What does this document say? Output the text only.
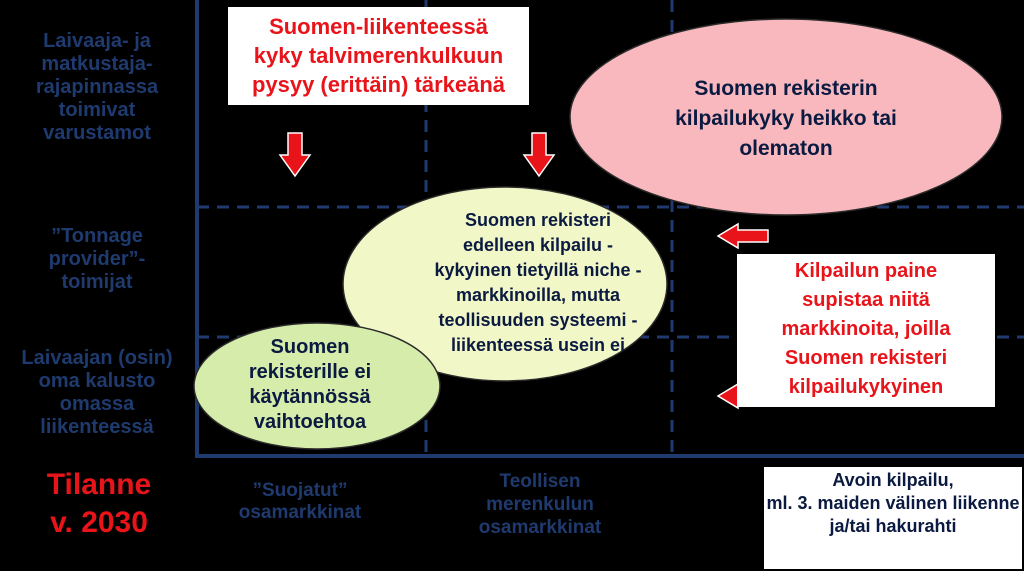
Laivaaja- ja
matkustaja-
rajapinnassa
toimivat
varustamot
”Tonnage
provider”-
toimijat
Laivaajan (osin)
oma kalusto
omassa
liikenteessä
Tilanne
v. 2030
”Suojatut”
osamarkkinat
Teollisen
merenkulun
osamarkkinat
Avoin kilpailu,
ml. 3. maiden välinen liikenne
ja/tai hakurahti
Suomen-liikenteessä
kyky talvimerenkulkuun
pysyy (erittäin) tärkeänä
Kilpailun paine
supistaa niitä
markkinoita, joilla
Suomen rekisteri
kilpailukykyinen
Suomen rekisterin
kilpailukyky heikko tai
olematon
Suomen rekisteri
edelleen kilpailu -
kykyinen tietyillä niche -
markkinoilla, mutta
teollisuuden systeemi -
liikenteessä usein ei
Suomen
rekisterille ei
käytännössä
vaihtoehtoa
